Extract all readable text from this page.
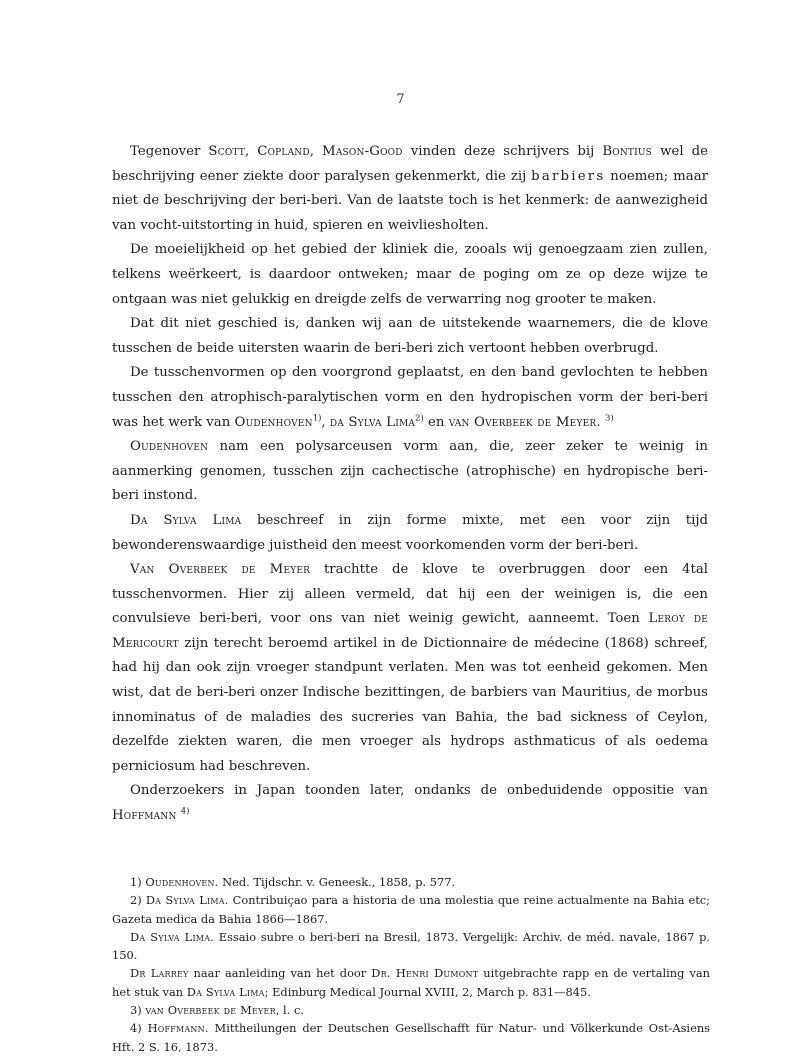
7

Tegenover Scott, Copland, Mason-Good vinden deze schrijvers bij Bontius wel de beschrijving eener ziekte door paralysen gekenmerkt, die zij barbiers noemen; maar niet de beschrijving der beri-beri. Van de laatste toch is het kenmerk: de aanwezigheid van vocht-uitstorting in huid, spieren en weivliesholten.

De moeielijkheid op het gebied der kliniek die, zooals wij genoegzaam zien zullen, telkens weërkeert, is daardoor ontweken; maar de poging om ze op deze wijze te ontgaan was niet gelukkig en dreigde zelfs de verwarring nog grooter te maken.

Dat dit niet geschied is, danken wij aan de uitstekende waarnemers, die de klove tusschen de beide uitersten waarin de beri-beri zich vertoont hebben overbrugd.

De tusschenvormen op den voorgrond geplaatst, en den band gevlochten te hebben tusschen den atrophisch-paralytischen vorm en den hydropischen vorm der beri-beri was het werk van Oudenhoven$^{1)}$, da Sylva Lima$^{2)}$ en van Overbeek de Meyer. $^{3)}$

Oudenhoven nam een polysarceusen vorm aan, die, zeer zeker te weinig in aanmerking genomen, tusschen zijn cachectische (atrophische) en hydropische beri-beri instond.

Da Sylva Lima beschreef in zijn forme mixte, met een voor zijn tijd bewonderenswaardige juistheid den meest voorkomenden vorm der beri-beri.

Van Overbeek de Meyer trachtte de klove te overbruggen door een 4tal tusschenvormen. Hier zij alleen vermeld, dat hij een der weinigen is, die een convulsieve beri-beri, voor ons van niet weinig gewicht, aanneemt. Toen Leroy de Mericourt zijn terecht beroemd artikel in de Dictionnaire de médecine (1868) schreef, had hij dan ook zijn vroeger standpunt verlaten. Men was tot eenheid gekomen. Men wist, dat de beri-beri onzer Indische bezittingen, de barbiers van Mauritius, de morbus innominatus of de maladies des sucreries van Bahia, the bad sickness of Ceylon, dezelfde ziekten waren, die men vroeger als hydrops asthmaticus of als oedema perniciosum had beschreven.

Onderzoekers in Japan toonden later, ondanks de onbeduidende oppositie van Hoffmann $^{4)}$

1) Oudenhoven. Ned. Tijdschr. v. Geneesk., 1858, p. 577.

2) Da Sylva Lima. Contribuiçao para a historia de una molestia que reine actualmente na Bahia etc; Gazeta medica da Bahia 1866—1867.

Da Sylva Lima. Essaio subre o beri-beri na Bresil, 1873. Vergelijk: Archiv. de méd. navale, 1867 p. 150.

Dr Larrey naar aanleiding van het door Dr. Henri Dumont uitgebrachte rapp en de vertaling van het stuk van Da Sylva Lima; Edinburg Medical Journal XVIII, 2, March p. 831—845.

3) van Overbeek de Meyer, l. c.

4) Hoffmann. Mittheilungen der Deutschen Gesellschafft für Natur- und Völkerkunde Ost-Asiens Hft. 2 S. 16, 1873.
